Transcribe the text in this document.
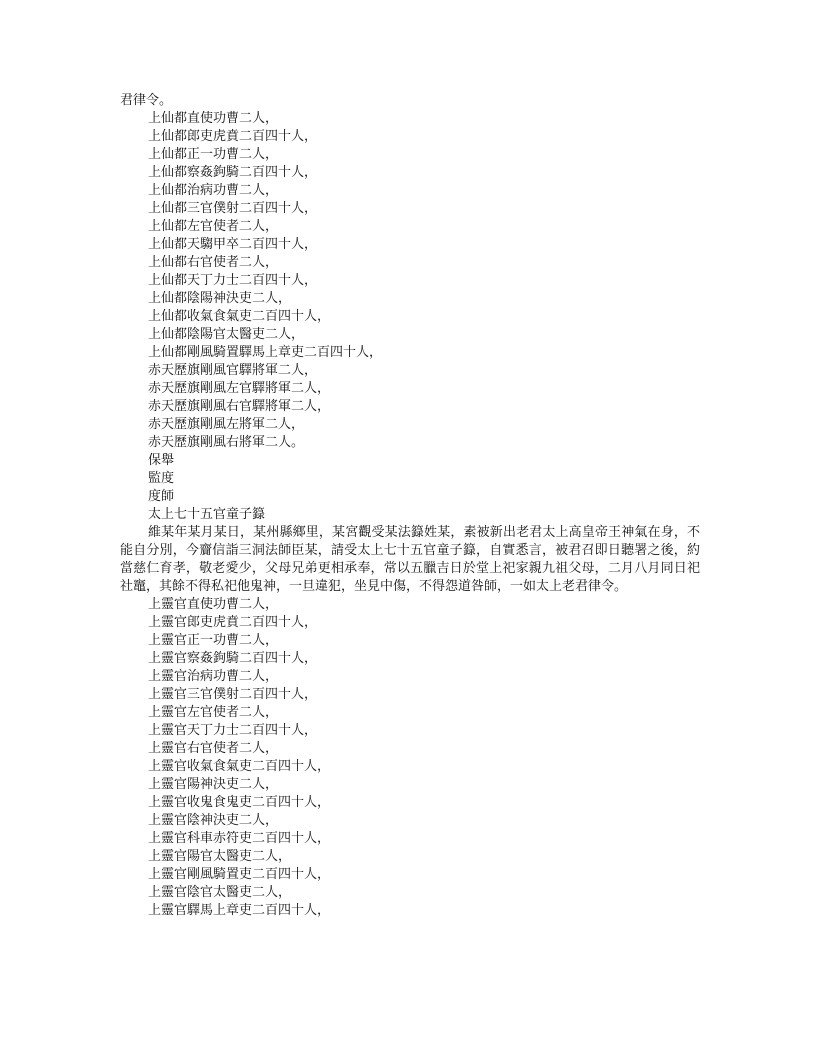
君律令。
上仙都直使功曹二人，
上仙都郎吏虎賁二百四十人，
上仙都正一功曹二人，
上仙都察姦鉤騎二百四十人，
上仙都治病功曹二人，
上仙都三官僕射二百四十人，
上仙都左官使者二人，
上仙都天騶甲卒二百四十人，
上仙都右官使者二人，
上仙都天丁力士二百四十人，
上仙都陰陽神決吏二人，
上仙都收氣食氣吏二百四十人，
上仙都陰陽官太醫吏二人，
上仙都剛風騎置驛馬上章吏二百四十人，
赤天歷旗剛風官驛將軍二人，
赤天歷旗剛風左官驛將軍二人，
赤天歷旗剛風右官驛將軍二人，
赤天歷旗剛風左將軍二人，
赤天歷旗剛風右將軍二人。
保舉
監度
度師
太上七十五官童子籙

維某年某月某日，某州縣鄉里，某宮觀受某法籙姓某，素被新出老君太上高皇帝王神氣在身，不能自分別，今齎信詣三洞法師臣某，請受太上七十五官童子籙，自實悉言，被君召即日聽署之後，約當慈仁育孝，敬老愛少，父母兄弟更相承奉，常以五臘吉日於堂上祀家親九祖父母，二月八月同日祀社竈，其餘不得私祀他鬼神，一旦違犯，坐見中傷，不得怨道咎師，一如太上老君律令。

上靈官直使功曹二人，
上靈官郎吏虎賁二百四十人，
上靈官正一功曹二人，
上靈官察姦鉤騎二百四十人，
上靈官治病功曹二人，
上靈官三官僕射二百四十人，
上靈官左官使者二人，
上靈官天丁力士二百四十人，
上靈官右官使者二人，
上靈官收氣食氣吏二百四十人，
上靈官陽神決吏二人，
上靈官收鬼食鬼吏二百四十人，
上靈官陰神決吏二人，
上靈官科車赤符吏二百四十人，
上靈官陽官太醫吏二人，
上靈官剛風騎置吏二百四十人，
上靈官陰官太醫吏二人，
上靈官驛馬上章吏二百四十人，
